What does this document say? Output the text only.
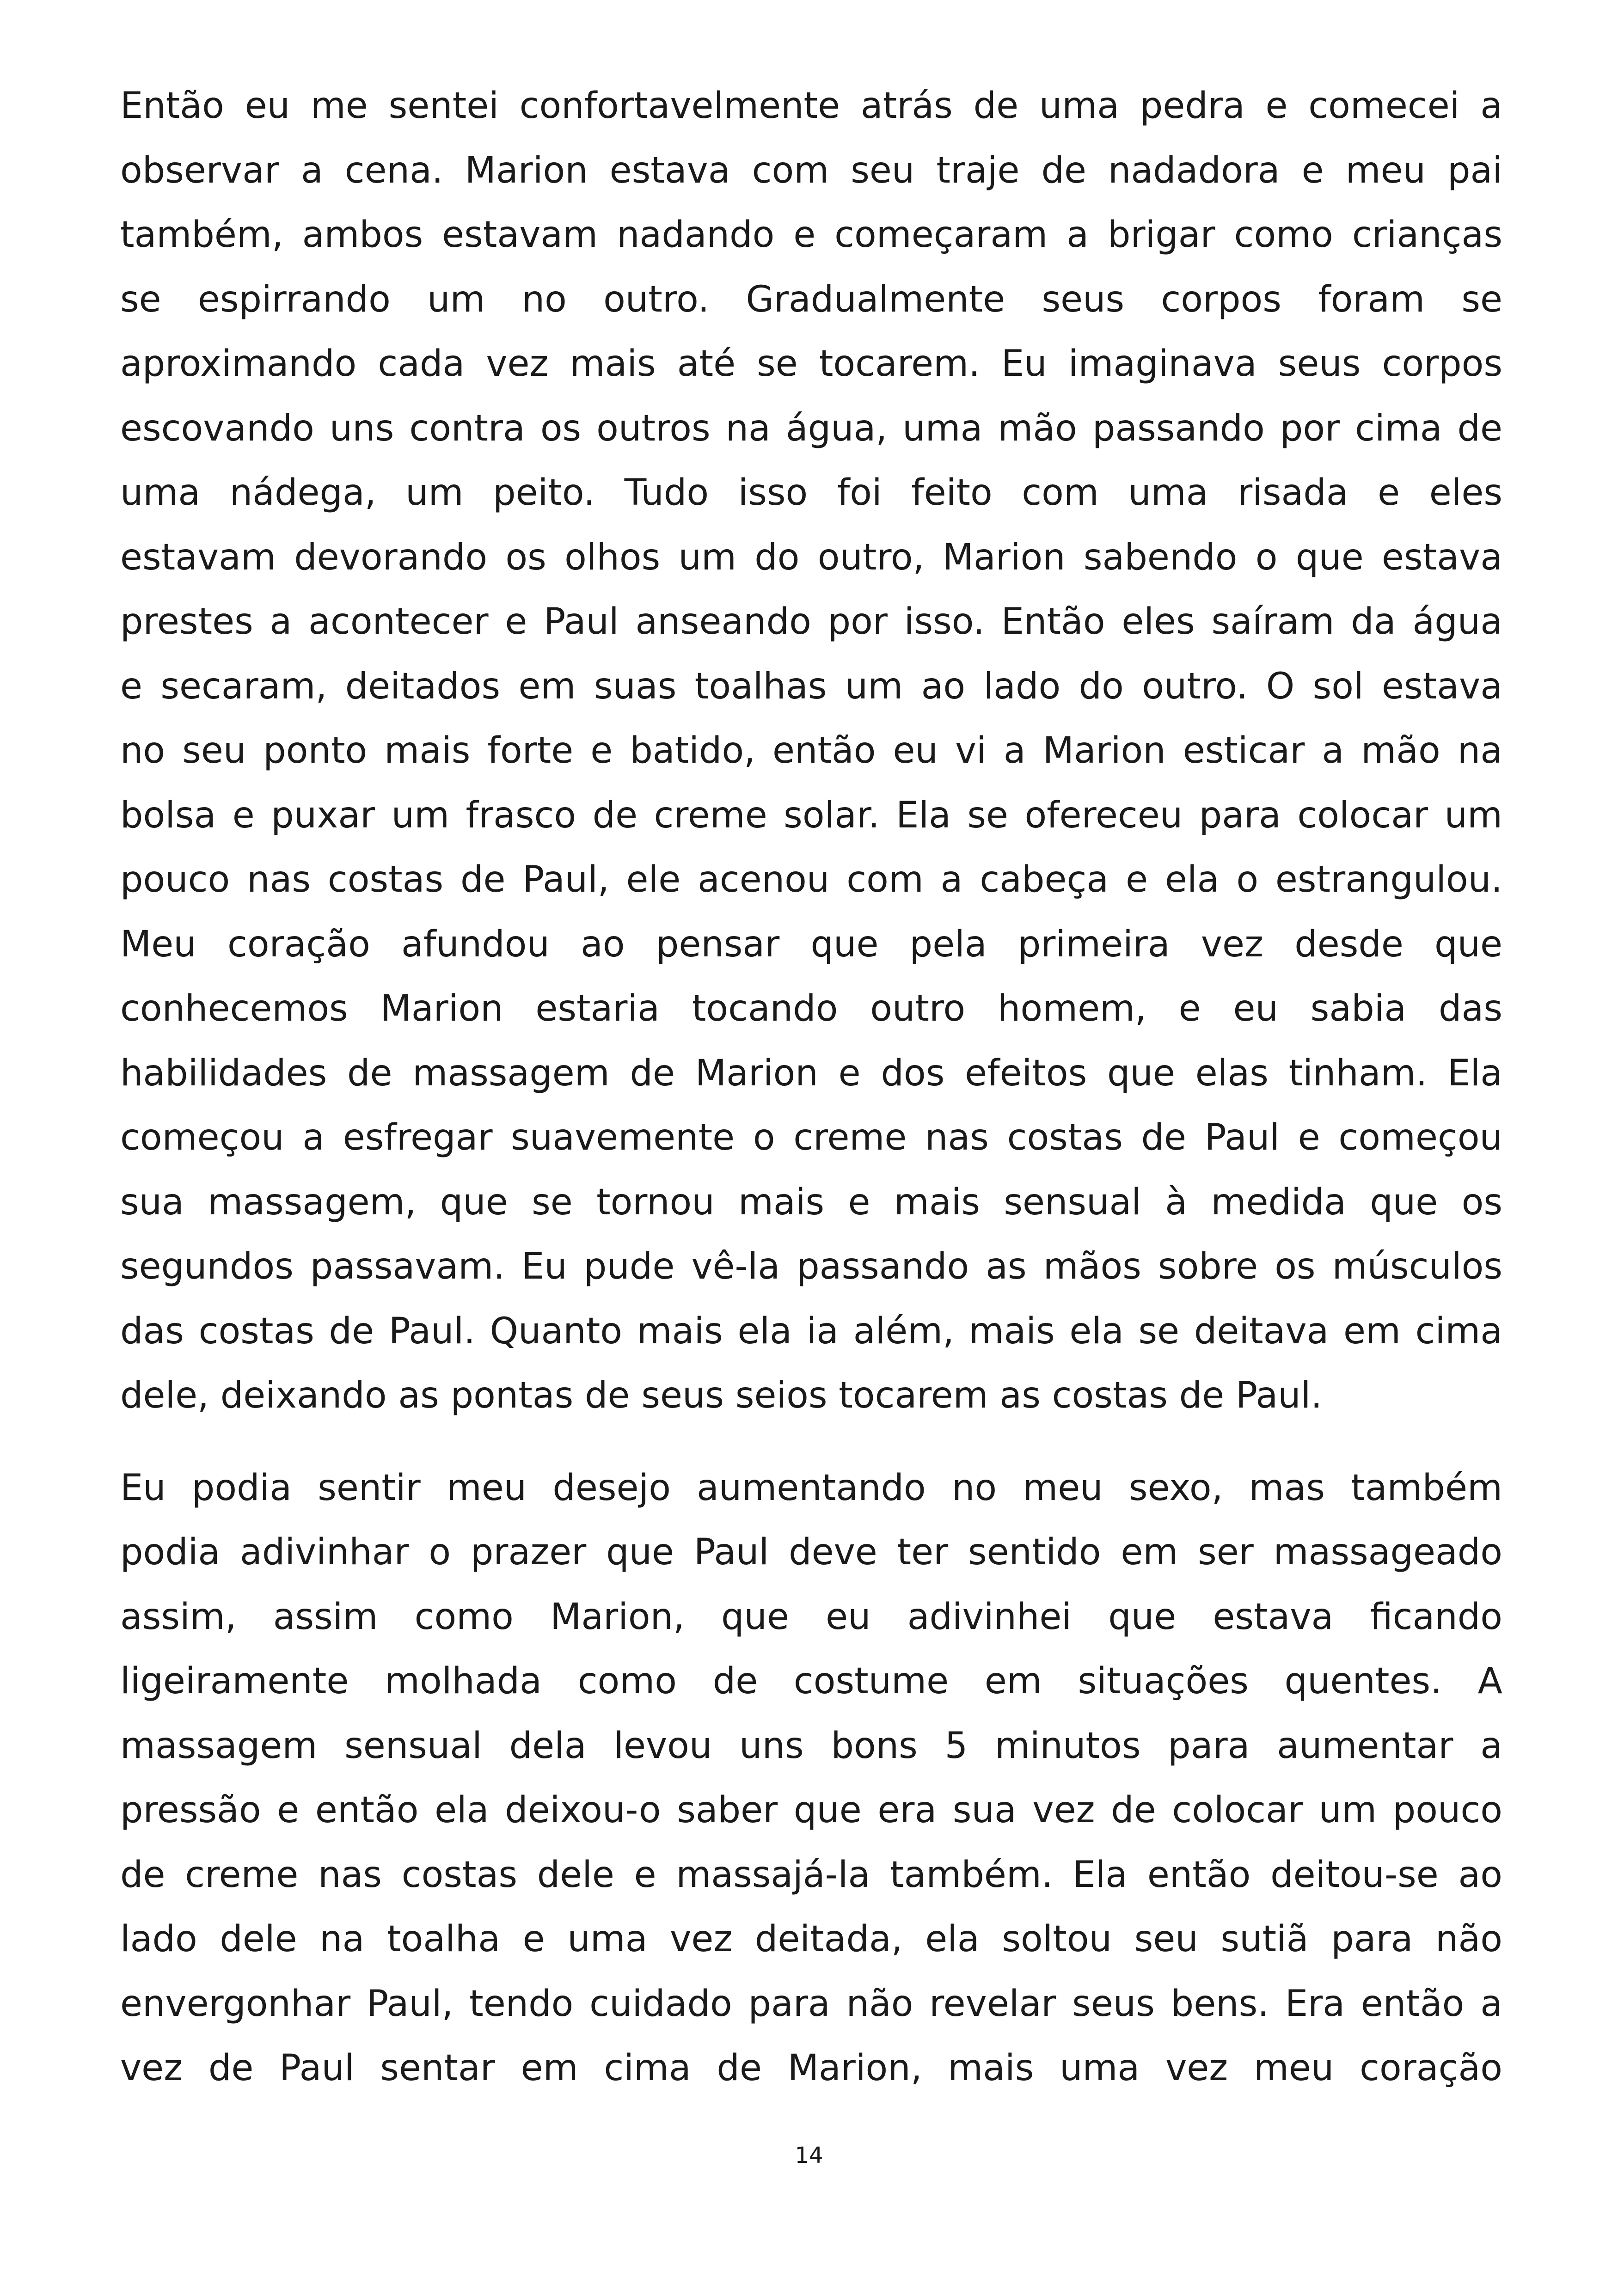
Então eu me sentei confortavelmente atrás de uma pedra e comecei a
observar a cena. Marion estava com seu traje de nadadora e meu pai
também, ambos estavam nadando e começaram a brigar como crianças
se espirrando um no outro. Gradualmente seus corpos foram se
aproximando cada vez mais até se tocarem. Eu imaginava seus corpos
escovando uns contra os outros na água, uma mão passando por cima de
uma nádega, um peito. Tudo isso foi feito com uma risada e eles
estavam devorando os olhos um do outro, Marion sabendo o que estava
prestes a acontecer e Paul anseando por isso. Então eles saíram da água
e secaram, deitados em suas toalhas um ao lado do outro. O sol estava
no seu ponto mais forte e batido, então eu vi a Marion esticar a mão na
bolsa e puxar um frasco de creme solar. Ela se ofereceu para colocar um
pouco nas costas de Paul, ele acenou com a cabeça e ela o estrangulou.
Meu coração afundou ao pensar que pela primeira vez desde que
conhecemos Marion estaria tocando outro homem, e eu sabia das
habilidades de massagem de Marion e dos efeitos que elas tinham. Ela
começou a esfregar suavemente o creme nas costas de Paul e começou
sua massagem, que se tornou mais e mais sensual à medida que os
segundos passavam. Eu pude vê-la passando as mãos sobre os músculos
das costas de Paul. Quanto mais ela ia além, mais ela se deitava em cima
dele, deixando as pontas de seus seios tocarem as costas de Paul.
Eu podia sentir meu desejo aumentando no meu sexo, mas também
podia adivinhar o prazer que Paul deve ter sentido em ser massageado
assim, assim como Marion, que eu adivinhei que estava ficando
ligeiramente molhada como de costume em situações quentes. A
massagem sensual dela levou uns bons 5 minutos para aumentar a
pressão e então ela deixou-o saber que era sua vez de colocar um pouco
de creme nas costas dele e massajá-la também. Ela então deitou-se ao
lado dele na toalha e uma vez deitada, ela soltou seu sutiã para não
envergonhar Paul, tendo cuidado para não revelar seus bens. Era então a
vez de Paul sentar em cima de Marion, mais uma vez meu coração
14
